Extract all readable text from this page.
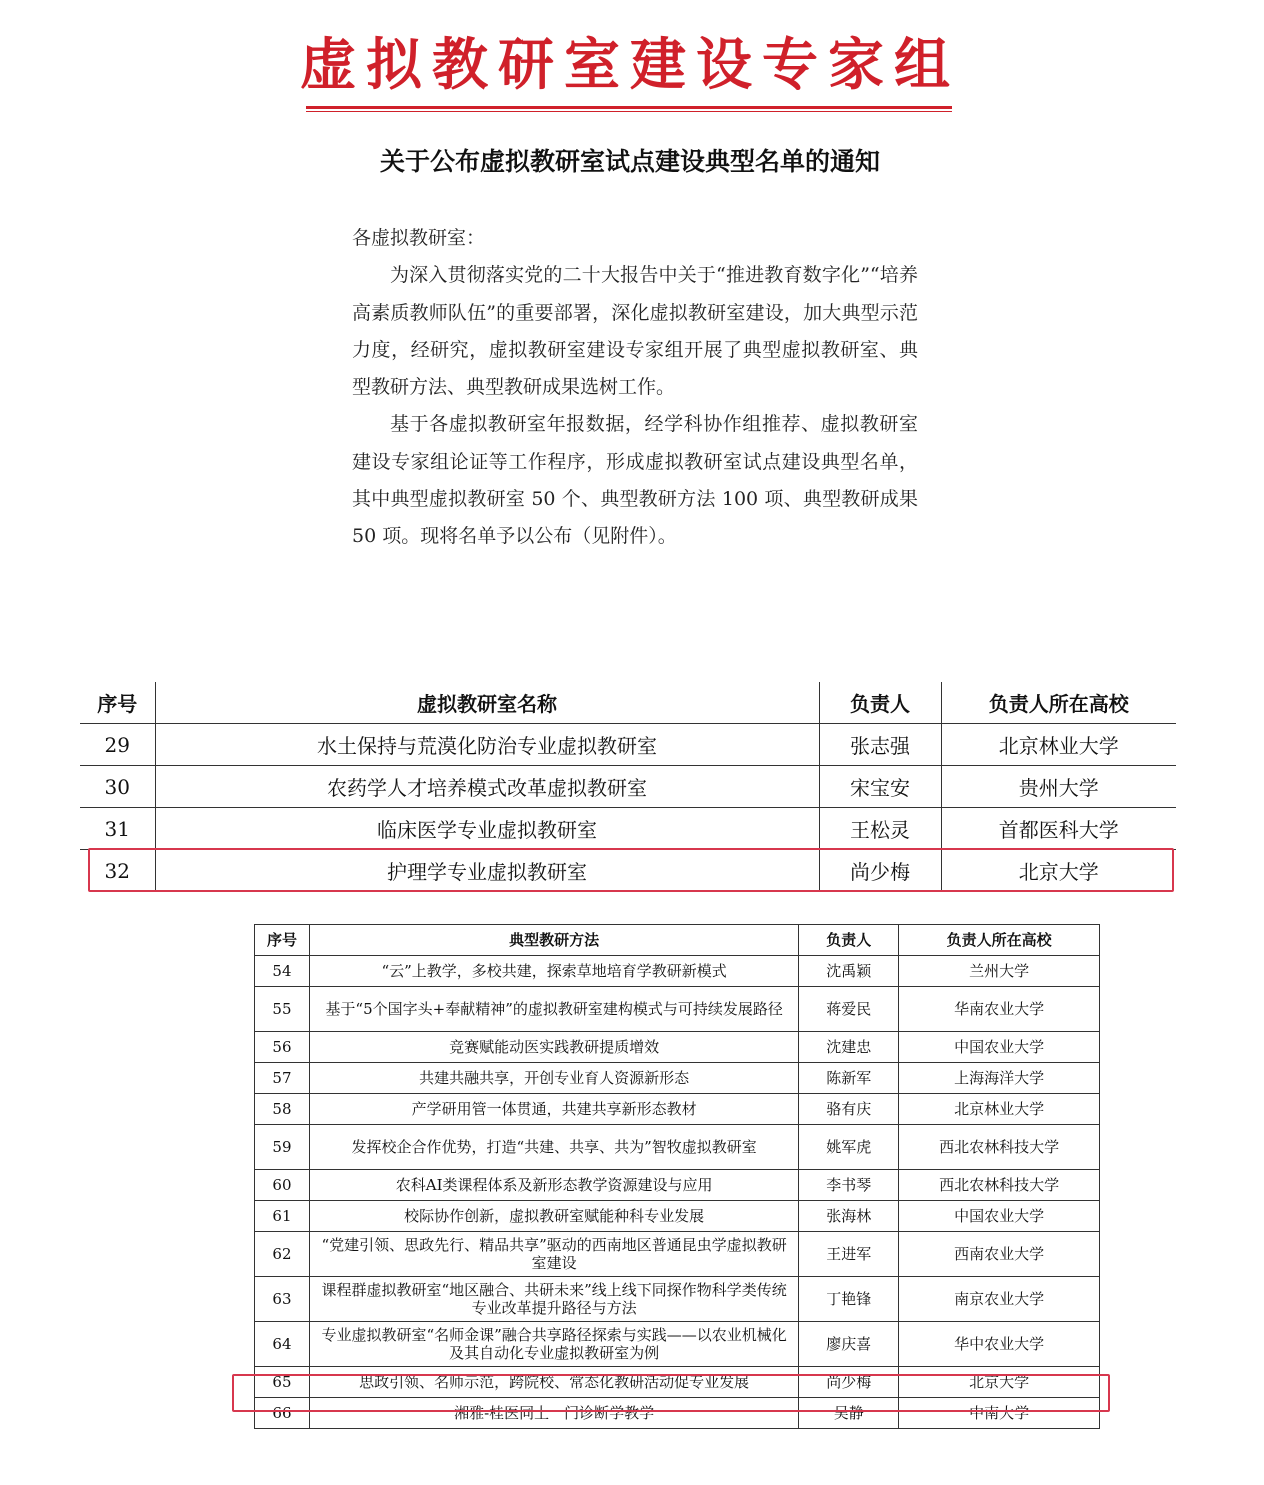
虚拟教研室建设专家组
关于公布虚拟教研室试点建设典型名单的通知

各虚拟教研室：

为深入贯彻落实党的二十大报告中关于“推进教育数字化”“培养高素质教师队伍”的重要部署，深化虚拟教研室建设，加大典型示范力度，经研究，虚拟教研室建设专家组开展了典型虚拟教研室、典型教研方法、典型教研成果选树工作。

基于各虚拟教研室年报数据，经学科协作组推荐、虚拟教研室建设专家组论证等工作程序，形成虚拟教研室试点建设典型名单，其中典型虚拟教研室 50 个、典型教研方法 100 项、典型教研成果 50 项。现将名单予以公布（见附件）。

序号	虚拟教研室名称	负责人	负责人所在高校
29	水土保持与荒漠化防治专业虚拟教研室	张志强	北京林业大学
30	农药学人才培养模式改革虚拟教研室	宋宝安	贵州大学
31	临床医学专业虚拟教研室	王松灵	首都医科大学
32	护理学专业虚拟教研室	尚少梅	北京大学
序号	典型教研方法	负责人	负责人所在高校
54	“云”上教学，多校共建，探索草地培育学教研新模式	沈禹颖	兰州大学
55	基于“5个国字头+奉献精神”的虚拟教研室建构模式与可持续发展路径	蒋爱民	华南农业大学
56	竞赛赋能动医实践教研提质增效	沈建忠	中国农业大学
57	共建共融共享，开创专业育人资源新形态	陈新军	上海海洋大学
58	产学研用管一体贯通，共建共享新形态教材	骆有庆	北京林业大学
59	发挥校企合作优势，打造“共建、共享、共为”智牧虚拟教研室	姚军虎	西北农林科技大学
60	农科AI类课程体系及新形态教学资源建设与应用	李书琴	西北农林科技大学
61	校际协作创新，虚拟教研室赋能种科专业发展	张海林	中国农业大学
62	“党建引领、思政先行、精品共享”驱动的西南地区普通昆虫学虚拟教研室建设	王进军	西南农业大学
63	课程群虚拟教研室“地区融合、共研未来”线上线下同探作物科学类传统专业改革提升路径与方法	丁艳锋	南京农业大学
64	专业虚拟教研室“名师金课”融合共享路径探索与实践——以农业机械化及其自动化专业虚拟教研室为例	廖庆喜	华中农业大学
65	思政引领、名师示范，跨院校、常态化教研活动促专业发展	尚少梅	北京大学
66	湘雅-桂医同上一门诊断学教学	吴静	中南大学
